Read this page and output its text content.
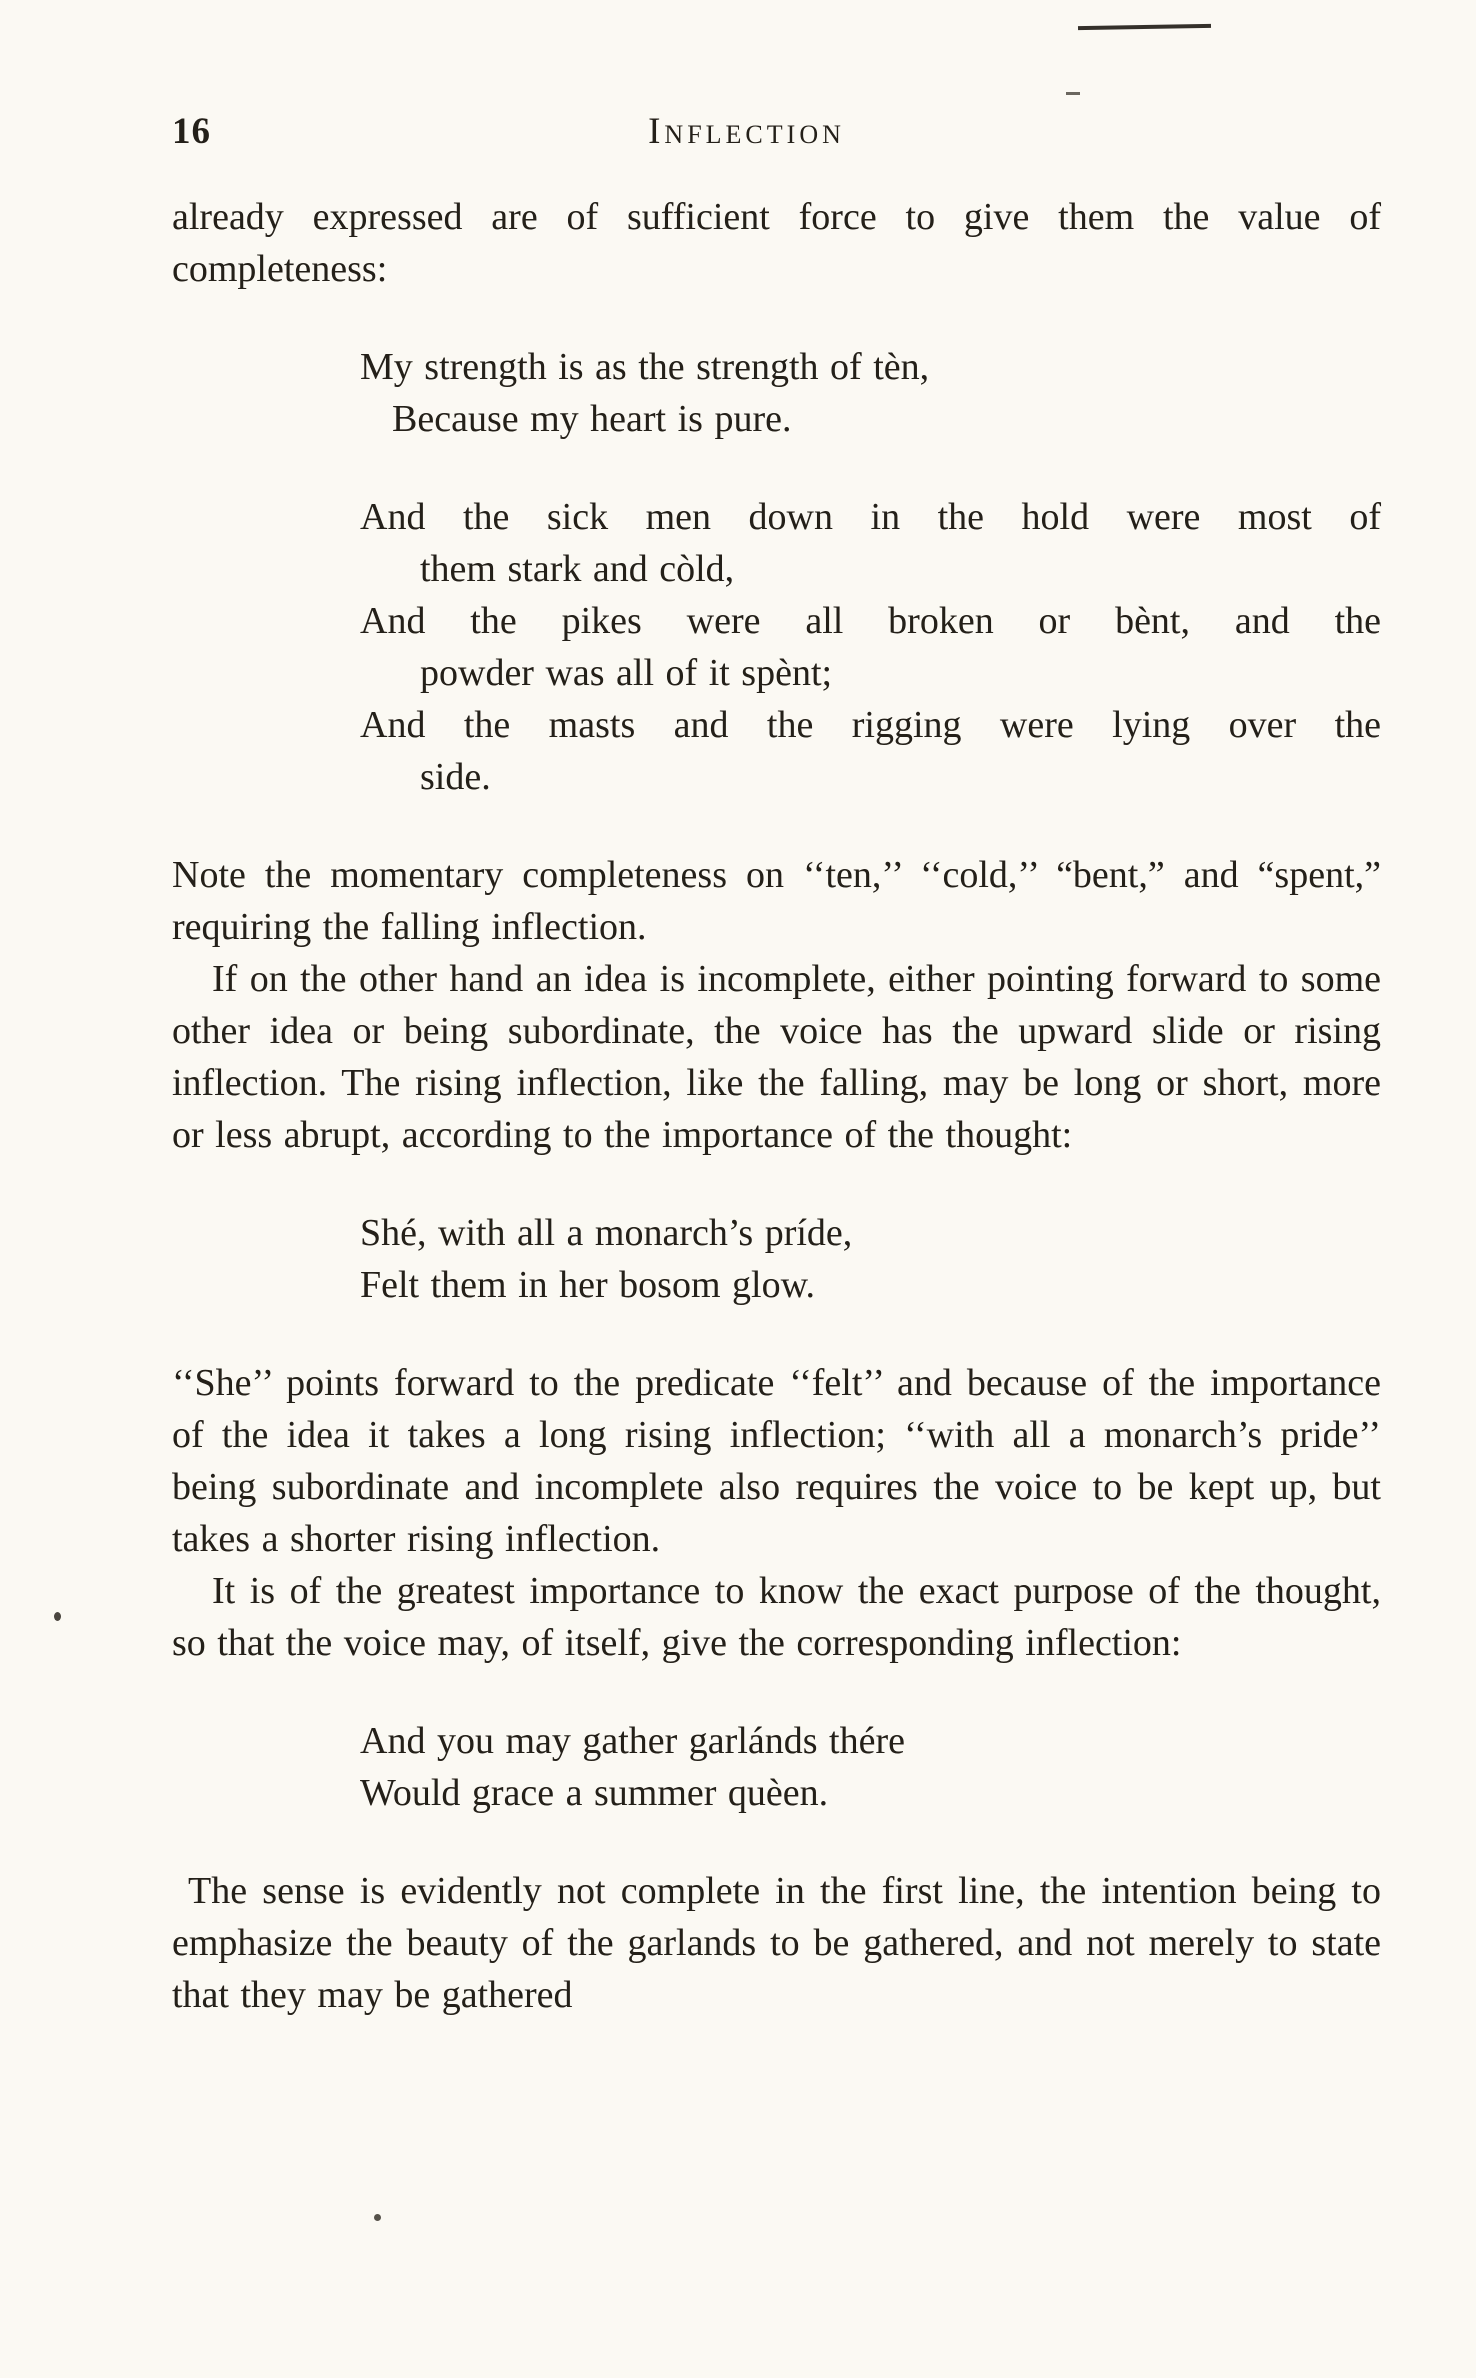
16	Inflection

already expressed are of sufficient force to give them the value of completeness:

My strength is as the strength of tèn,
Because my heart is pure.
And the sick men down in the hold were most of
them stark and còld,
And the pikes were all broken or bènt, and the
powder was all of it spènt;
And the masts and the rigging were lying over the
side.

Note the momentary completeness on ‘‘ten,’’ ‘‘cold,’’ “bent,” and “spent,” requiring the falling inflection.

If on the other hand an idea is incomplete, either pointing forward to some other idea or being subordinate, the voice has the upward slide or rising inflection. The rising inflection, like the falling, may be long or short, more or less abrupt, according to the importance of the thought:

Shé, with all a monarch’s príde,
Felt them in her bosom glow.

‘‘She’’ points forward to the predicate ‘‘felt’’ and because of the importance of the idea it takes a long rising inflection; ‘‘with all a monarch’s pride’’ being subordinate and incomplete also requires the voice to be kept up, but takes a shorter rising inflection.

It is of the greatest importance to know the exact purpose of the thought, so that the voice may, of itself, give the corresponding inflection:

And you may gather garlánds thére
Would grace a summer quèen.

The sense is evidently not complete in the first line, the intention being to emphasize the beauty of the garlands to be gathered, and not merely to state that they may be gathered
